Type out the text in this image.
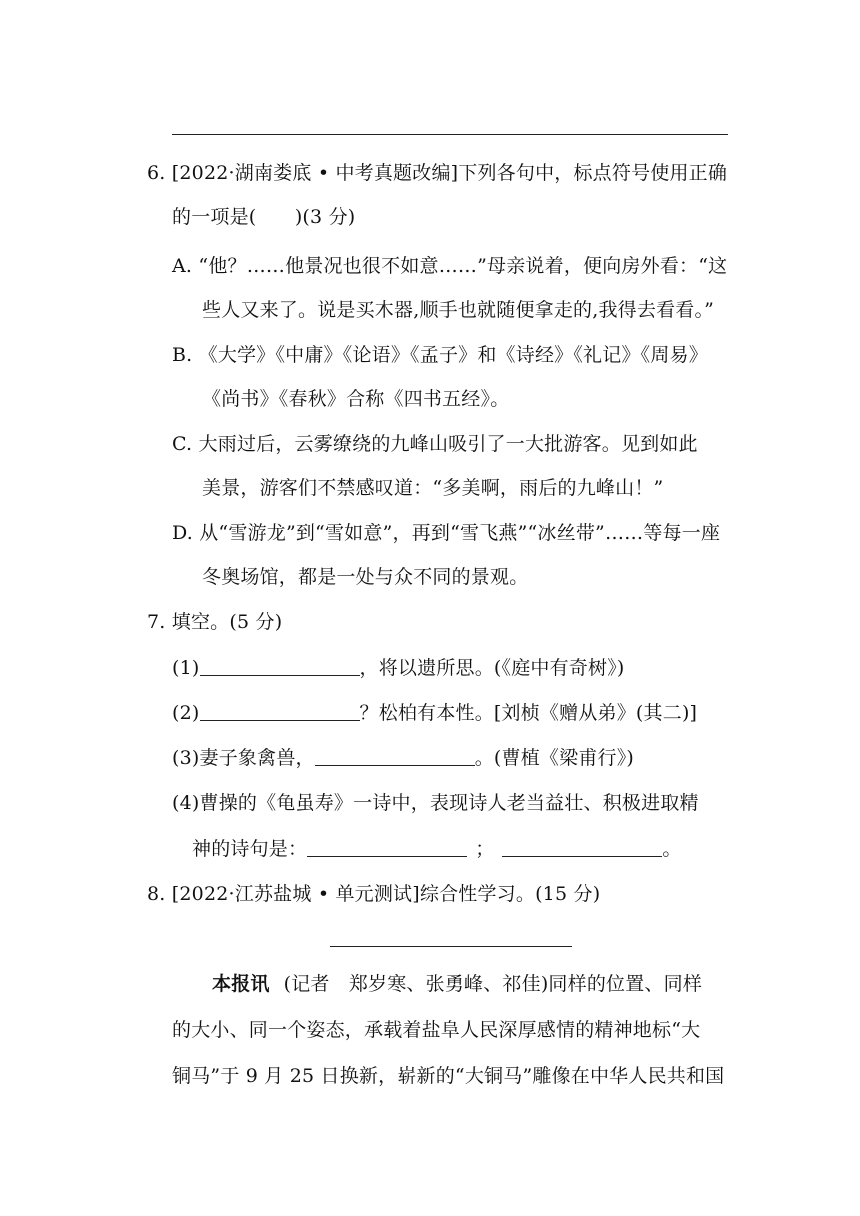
6. [2022·湖南娄底 • 中考真题改编]下列各句中，标点符号使用正确
的一项是(　　)(3 分)
A. “他？……他景况也很不如意……”母亲说着，便向房外看：“这
些人又来了。说是买木器,顺手也就随便拿走的,我得去看看。”
B. 《大学》《中庸》《论语》《孟子》和《诗经》《礼记》《周易》
《尚书》《春秋》合称《四书五经》。
C. 大雨过后，云雾缭绕的九峰山吸引了一大批游客。见到如此
美景，游客们不禁感叹道：“多美啊，雨后的九峰山！”
D. 从“雪游龙”到“雪如意”，再到“雪飞燕”“冰丝带”……等每一座
冬奥场馆，都是一处与众不同的景观。
7. 填空。(5 分)
(1)	，将以遗所思。(《庭中有奇树》)
(2)	？松柏有本性。[刘桢《赠从弟》(其二)]
(3)妻子象禽兽，	。(曹植《梁甫行》)
(4)曹操的《龟虽寿》一诗中，表现诗人老当益壮、积极进取精
神的诗句是：	；	。
8. [2022·江苏盐城 • 单元测试]综合性学习。(15 分)
本报讯 (记者　郑岁寒、张勇峰、祁佳)同样的位置、同样
的大小、同一个姿态，承载着盐阜人民深厚感情的精神地标“大
铜马”于 9 月 25 日换新，崭新的“大铜马”雕像在中华人民共和国
